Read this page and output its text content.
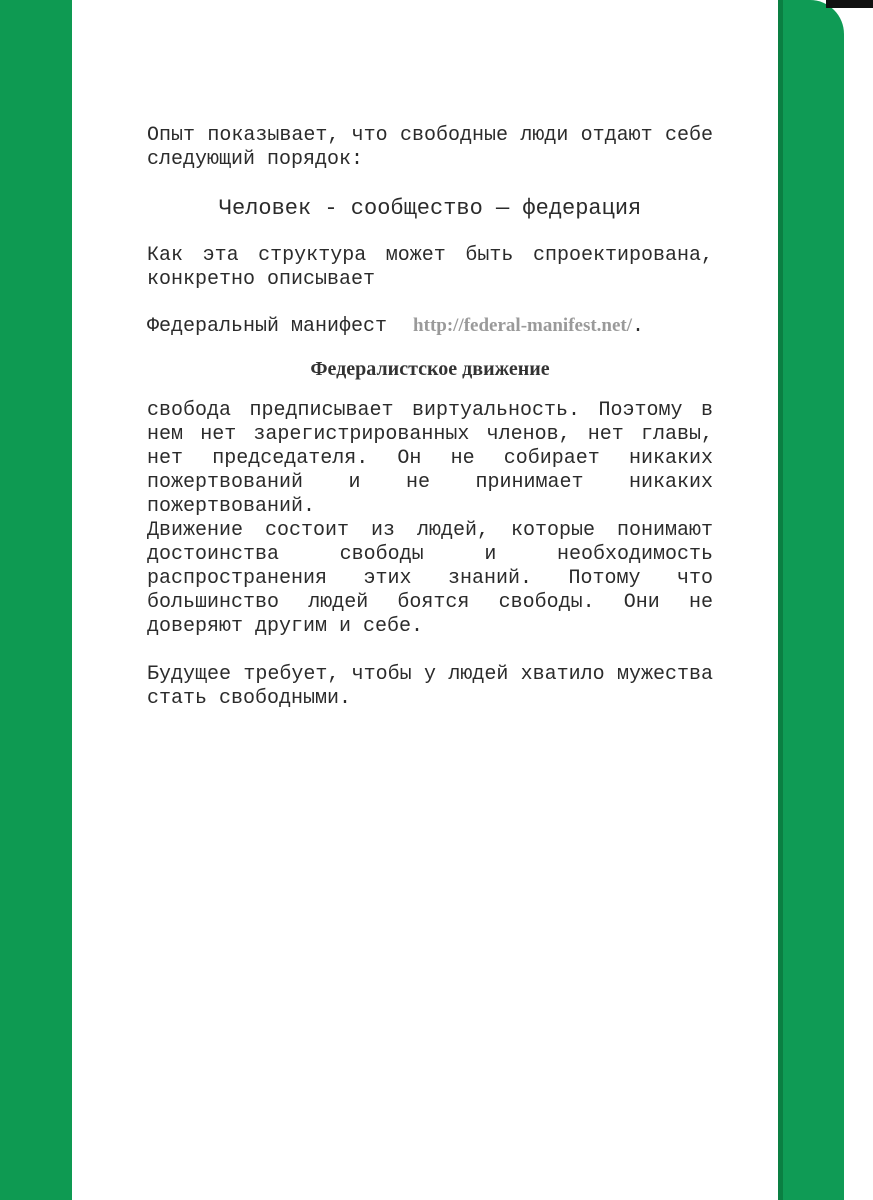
Опыт показывает, что свободные люди отдают себе следующий порядок:

Человек - сообщество — федерация

Как эта структура может быть спроектирована, конкретно описывает

Федеральный манифест http://federal-manifest.net/.

Федералистское движение

свобода предписывает виртуальность. Поэтому в нем нет зарегистрированных членов, нет главы, нет председателя. Он не собирает никаких пожертвований и не принимает никаких пожертвований.

Движение состоит из людей, которые понимают достоинства свободы и необходимость распространения этих знаний. Потому что большинство людей боятся свободы. Они не доверяют другим и себе.

Будущее требует, чтобы у людей хватило мужества стать свободными.
